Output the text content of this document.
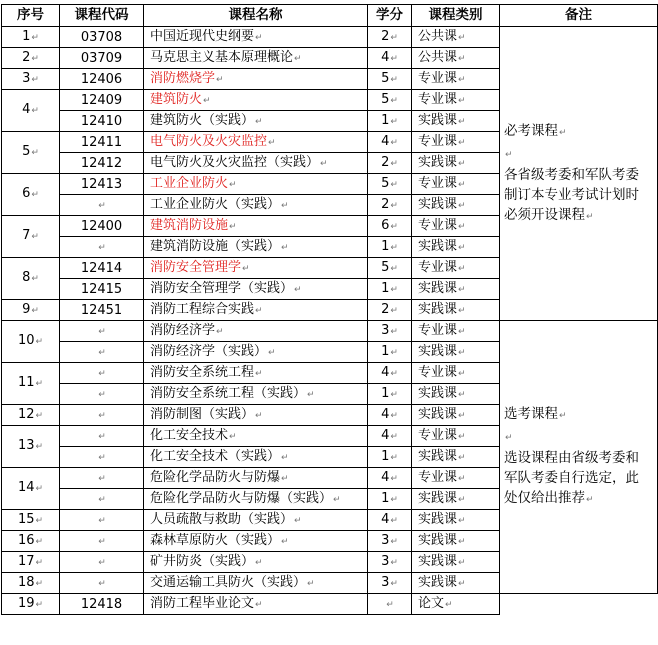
序号	课程代码	课程名称	学分	课程类别	备注
1↵	03708	中国近现代史纲要↵	2↵	公共课↵	必考课程↵
↵
各省级考委和军队考委制订本专业考试计划时必须开设课程↵

2↵	03709	马克思主义基本原理概论↵	4↵	公共课↵	
3↵	12406	消防燃烧学↵	5↵	专业课↵	
4↵	12409	建筑防火↵	5↵	专业课↵	
	12410	建筑防火（实践）↵	1↵	实践课↵	
5↵	12411	电气防火及火灾监控↵	4↵	专业课↵	
	12412	电气防火及火灾监控（实践）↵	2↵	实践课↵	
6↵	12413	工业企业防火↵	5↵	专业课↵	
	↵	工业企业防火（实践）↵	2↵	实践课↵	
7↵	12400	建筑消防设施↵	6↵	专业课↵	
	↵	建筑消防设施（实践）↵	1↵	实践课↵	
8↵	12414	消防安全管理学↵	5↵	专业课↵	
	12415	消防安全管理学（实践）↵	1↵	实践课↵	
9↵	12451	消防工程综合实践↵	2↵	实践课↵	
10↵	↵	消防经济学↵	3↵	专业课↵	选考课程↵
↵
选设课程由省级考委和军队考委自行选定，此处仅给出推荐↵

	↵	消防经济学（实践）↵	1↵	实践课↵	
11↵	↵	消防安全系统工程↵	4↵	专业课↵	
	↵	消防安全系统工程（实践）↵	1↵	实践课↵	
12↵	↵	消防制图（实践）↵	4↵	实践课↵	
13↵	↵	化工安全技术↵	4↵	专业课↵	
	↵	化工安全技术（实践）↵	1↵	实践课↵	
14↵	↵	危险化学品防火与防爆↵	4↵	专业课↵	
	↵	危险化学品防火与防爆（实践）↵	1↵	实践课↵	
15↵	↵	人员疏散与救助（实践）↵	4↵	实践课↵	
16↵	↵	森林草原防火（实践）↵	3↵	实践课↵	
17↵	↵	矿井防炎（实践）↵	3↵	实践课↵	
18↵	↵	交通运输工具防火（实践）↵	3↵	实践课↵	
19↵	12418	消防工程毕业论文↵	↵	论文↵	
